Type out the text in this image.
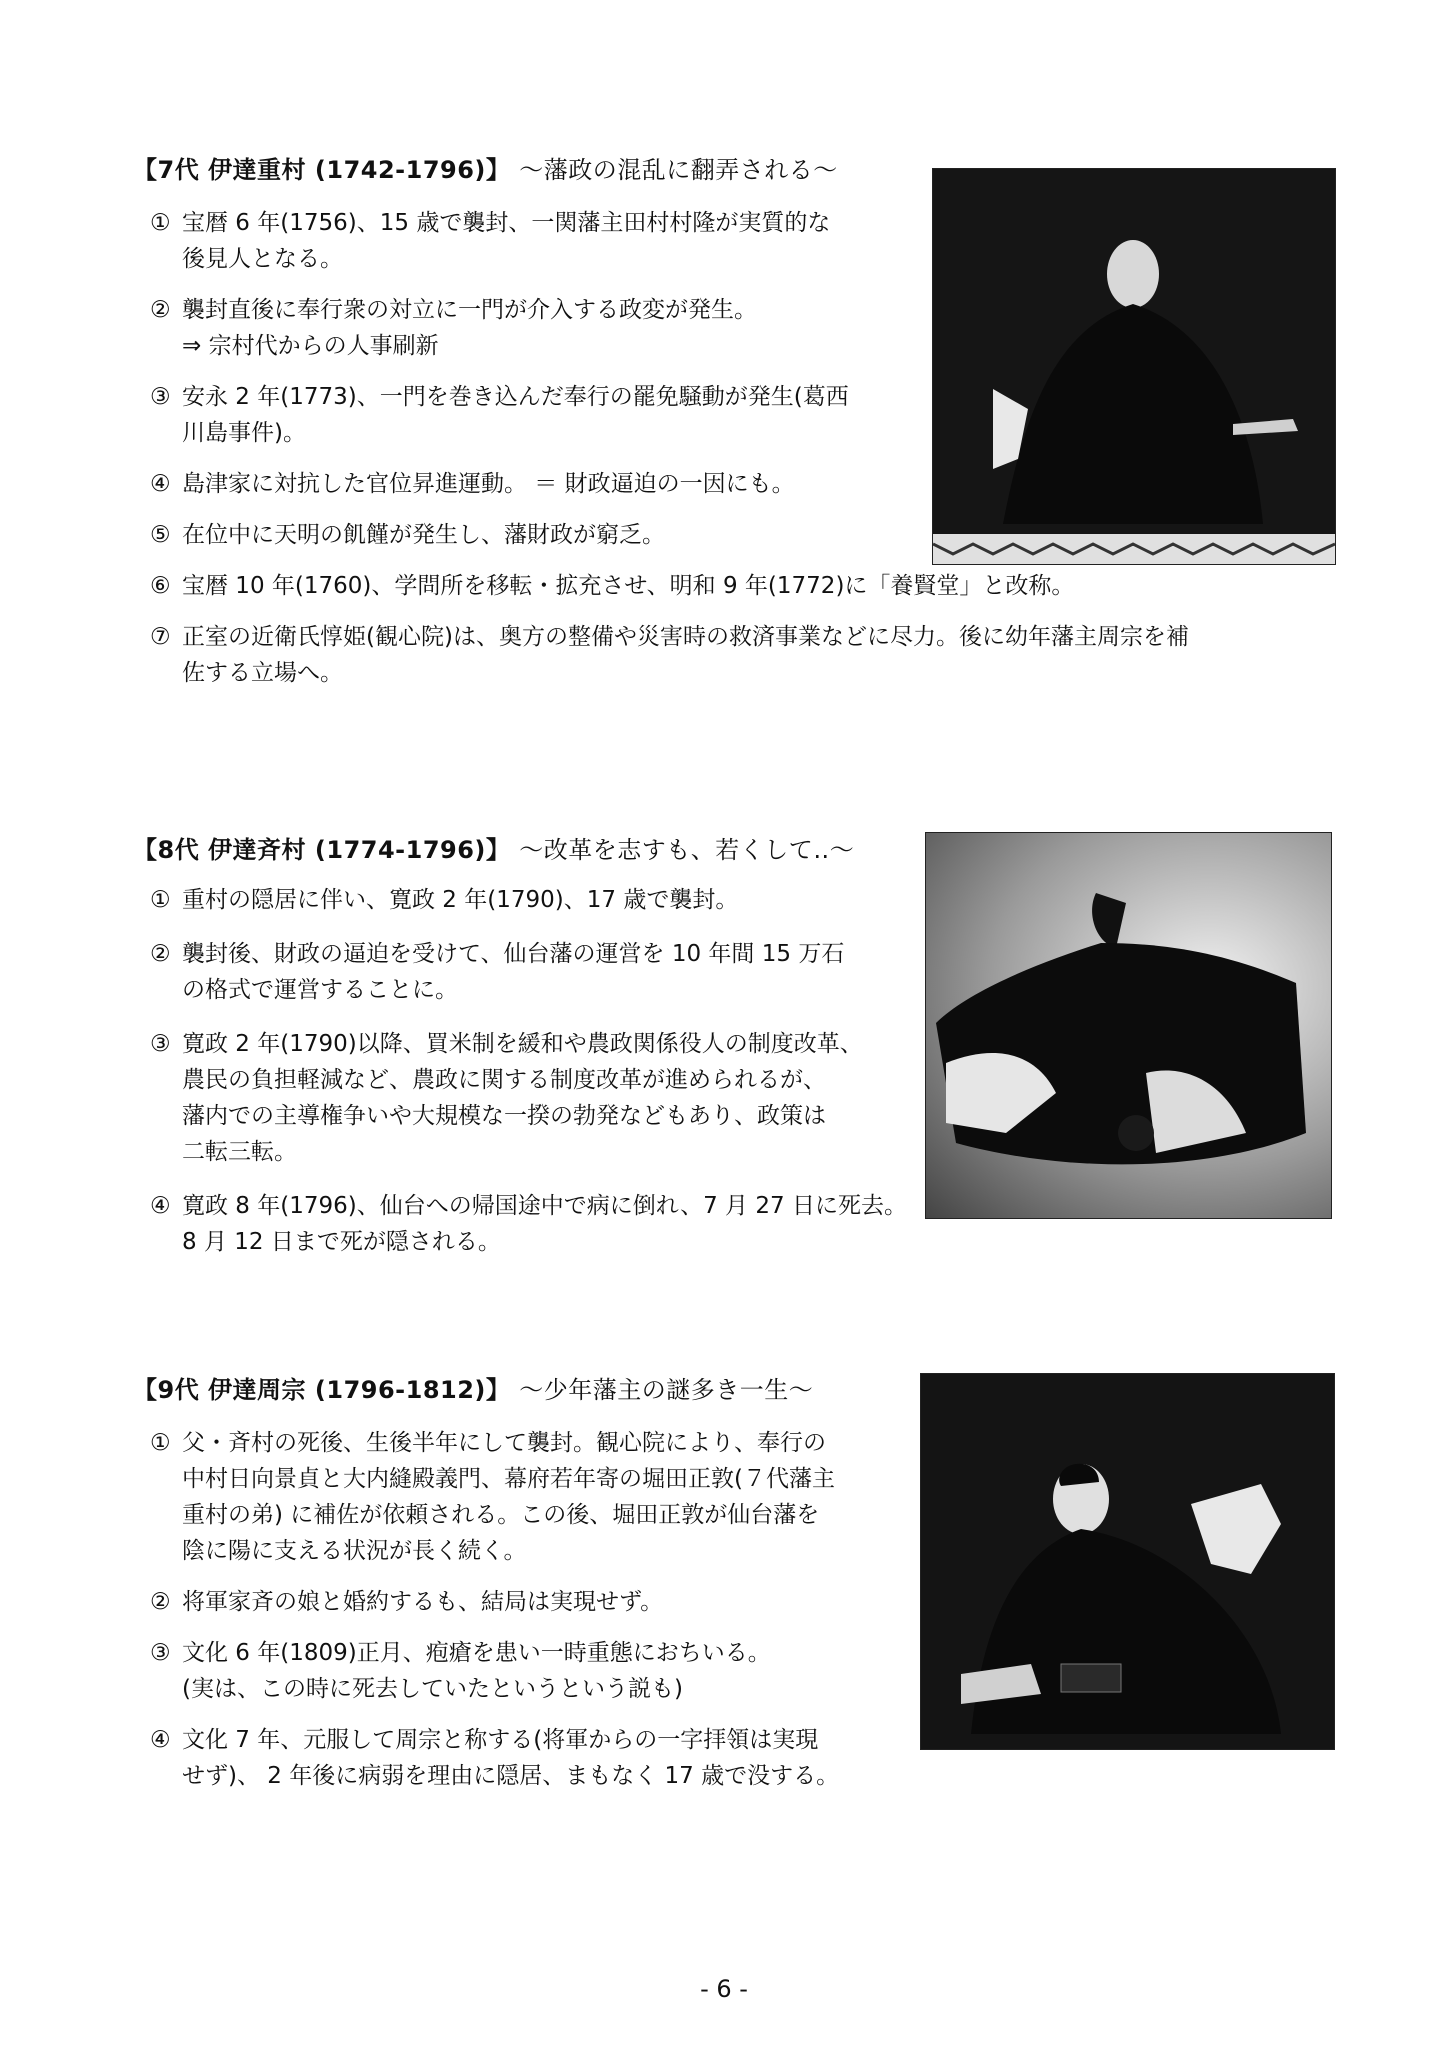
【7代 伊達重村 (1742-1796)】 〜藩政の混乱に翻弄される〜
① 宝暦 6 年(1756)、15 歳で襲封、一関藩主田村村隆が実質的な
後見人となる。
② 襲封直後に奉行衆の対立に一門が介入する政変が発生。
⇒ 宗村代からの人事刷新
③ 安永 2 年(1773)、一門を巻き込んだ奉行の罷免騒動が発生(葛西
川島事件)。
④ 島津家に対抗した官位昇進運動。 ＝ 財政逼迫の一因にも。
⑤ 在位中に天明の飢饉が発生し、藩財政が窮乏。
⑥ 宝暦 10 年(1760)、学問所を移転・拡充させ、明和 9 年(1772)に「養賢堂」と改称。
⑦ 正室の近衛氏惇姫(観心院)は、奥方の整備や災害時の救済事業などに尽力。後に幼年藩主周宗を補
佐する立場へ。
【8代 伊達斉村 (1774-1796)】 〜改革を志すも、若くして‥〜
① 重村の隠居に伴い、寛政 2 年(1790)、17 歳で襲封。
② 襲封後、財政の逼迫を受けて、仙台藩の運営を 10 年間 15 万石
の格式で運営することに。
③ 寛政 2 年(1790)以降、買米制を緩和や農政関係役人の制度改革、
農民の負担軽減など、農政に関する制度改革が進められるが、
藩内での主導権争いや大規模な一揆の勃発などもあり、政策は
二転三転。
④ 寛政 8 年(1796)、仙台への帰国途中で病に倒れ、7 月 27 日に死去。
8 月 12 日まで死が隠される。
【9代 伊達周宗 (1796-1812)】 〜少年藩主の謎多き一生〜
① 父・斉村の死後、生後半年にして襲封。観心院により、奉行の
中村日向景貞と大内縫殿義門、幕府若年寄の堀田正敦(７代藩主
重村の弟) に補佐が依頼される。この後、堀田正敦が仙台藩を
陰に陽に支える状況が長く続く。
② 将軍家斉の娘と婚約するも、結局は実現せず。
③ 文化 6 年(1809)正月、疱瘡を患い一時重態におちいる。
(実は、この時に死去していたというという説も)
④ 文化 7 年、元服して周宗と称する(将軍からの一字拝領は実現
せず)、 2 年後に病弱を理由に隠居、まもなく 17 歳で没する。
- 6 -
